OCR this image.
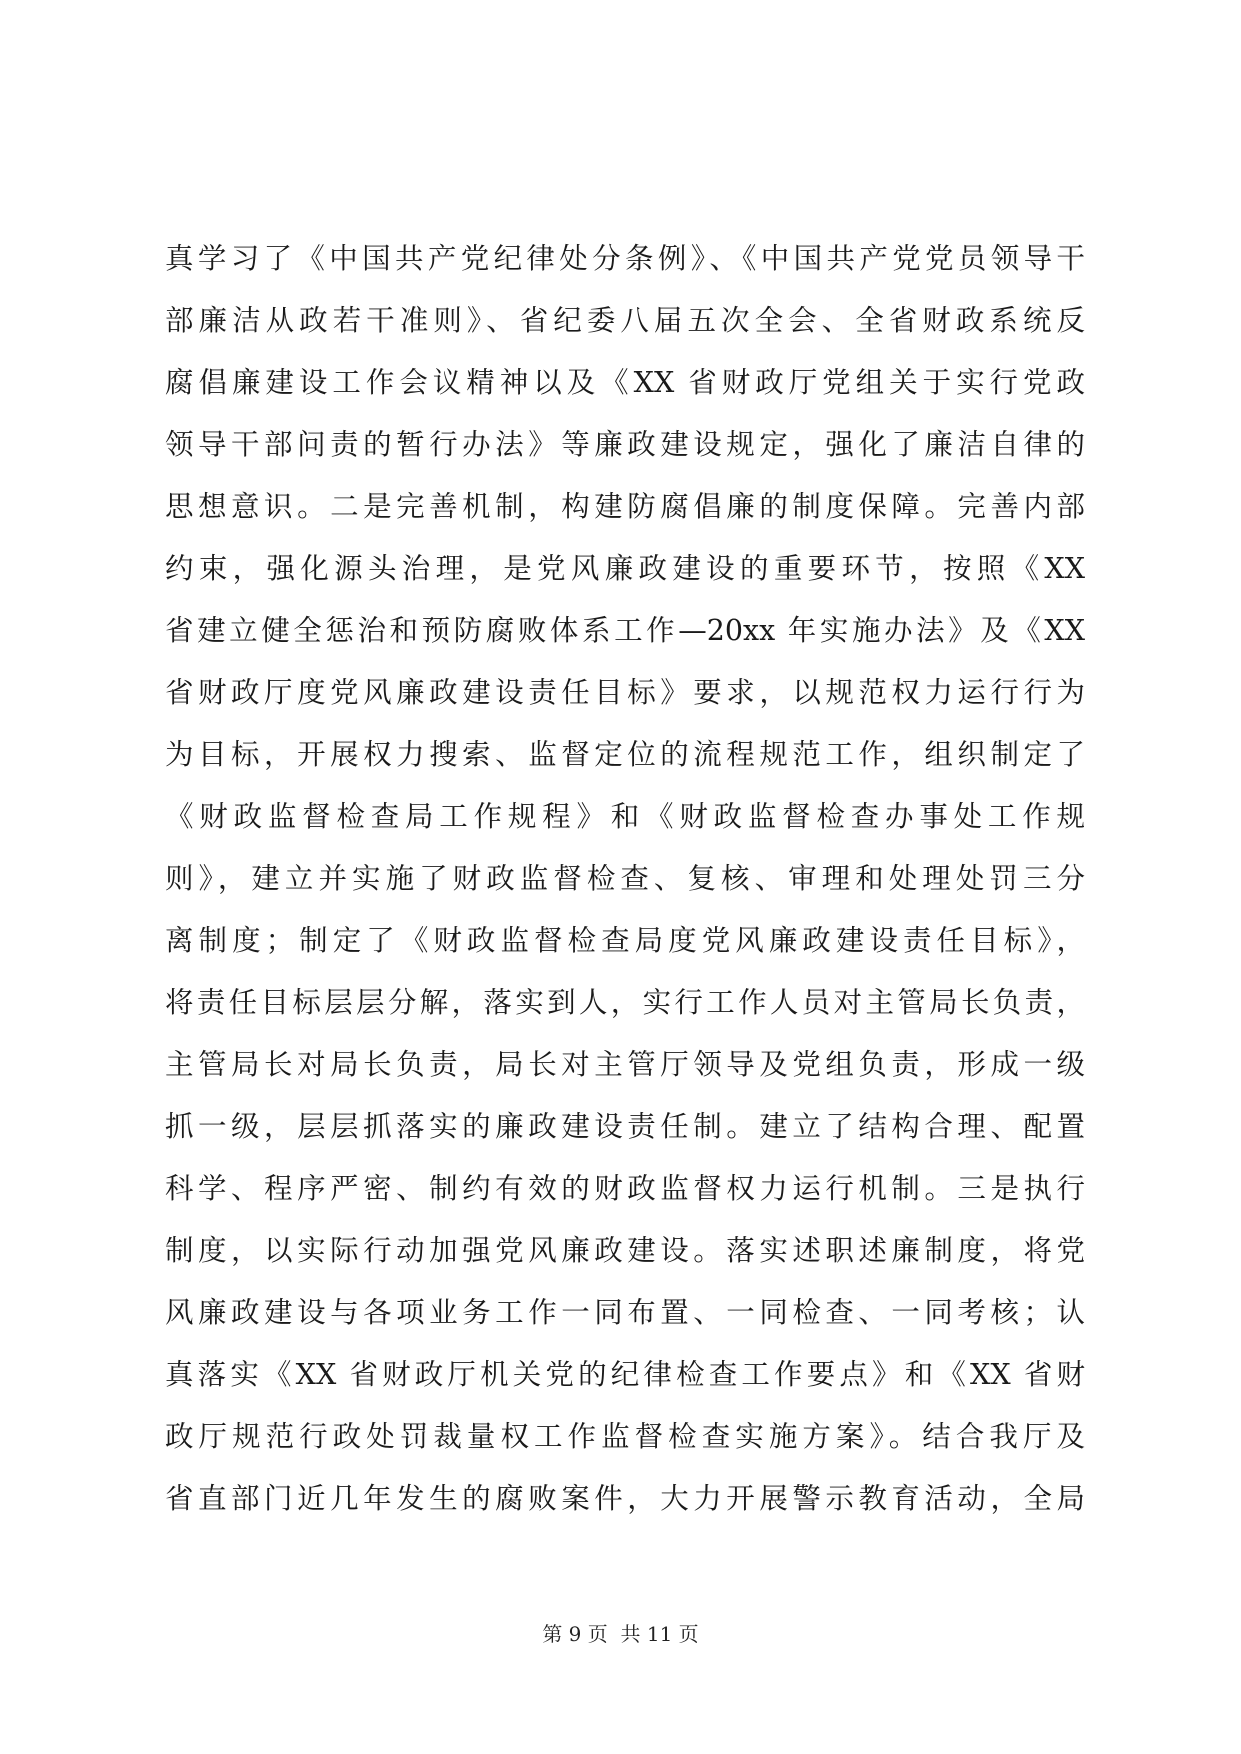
真学习了《中国共产党纪律处分条例》、《中国共产党党员领导干
部廉洁从政若干准则》、省纪委八届五次全会、全省财政系统反
腐倡廉建设工作会议精神以及《XX 省财政厅党组关于实行党政
领导干部问责的暂行办法》等廉政建设规定，强化了廉洁自律的
思想意识。二是完善机制，构建防腐倡廉的制度保障。完善内部
约束，强化源头治理，是党风廉政建设的重要环节，按照《XX
省建立健全惩治和预防腐败体系工作—20xx 年实施办法》及《XX
省财政厅度党风廉政建设责任目标》要求，以规范权力运行行为
为目标，开展权力搜索、监督定位的流程规范工作，组织制定了
《财政监督检查局工作规程》和《财政监督检查办事处工作规
则》，建立并实施了财政监督检查、复核、审理和处理处罚三分
离制度；制定了《财政监督检查局度党风廉政建设责任目标》，
将责任目标层层分解，落实到人，实行工作人员对主管局长负责，
主管局长对局长负责，局长对主管厅领导及党组负责，形成一级
抓一级，层层抓落实的廉政建设责任制。建立了结构合理、配置
科学、程序严密、制约有效的财政监督权力运行机制。三是执行
制度，以实际行动加强党风廉政建设。落实述职述廉制度，将党
风廉政建设与各项业务工作一同布置、一同检查、一同考核；认
真落实《XX 省财政厅机关党的纪律检查工作要点》和《XX 省财
政厅规范行政处罚裁量权工作监督检查实施方案》。结合我厅及
省直部门近几年发生的腐败案件，大力开展警示教育活动，全局
第 9 页  共 11 页
